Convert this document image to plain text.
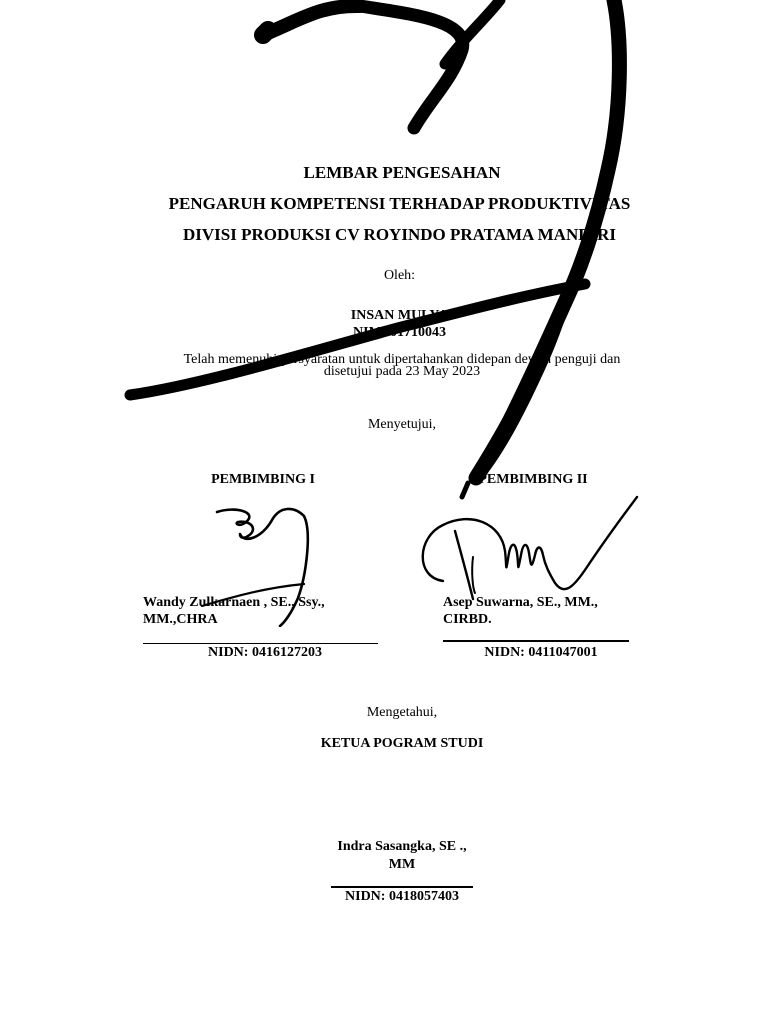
LEMBAR PENGESAHAN
PENGARUH KOMPETENSI TERHADAP PRODUKTIVITAS
DIVISI PRODUKSI CV ROYINDO PRATAMA MANDIRI
Oleh:
INSAN MULYA
NIM: 01710043
Telah memenuhi persyaratan untuk dipertahankan didepan dewan penguji dan
disetujui pada 23 May 2023
Menyetujui,
PEMBIMBING I	PEMBIMBING II
Wandy Zulkarnaen , SE., Ssy.,
MM.,CHRA
Asep Suwarna, SE., MM.,
CIRBD.
NIDN: 0416127203	NIDN: 0411047001
Mengetahui,
KETUA POGRAM STUDI
Indra Sasangka, SE .,
MM
NIDN: 0418057403
